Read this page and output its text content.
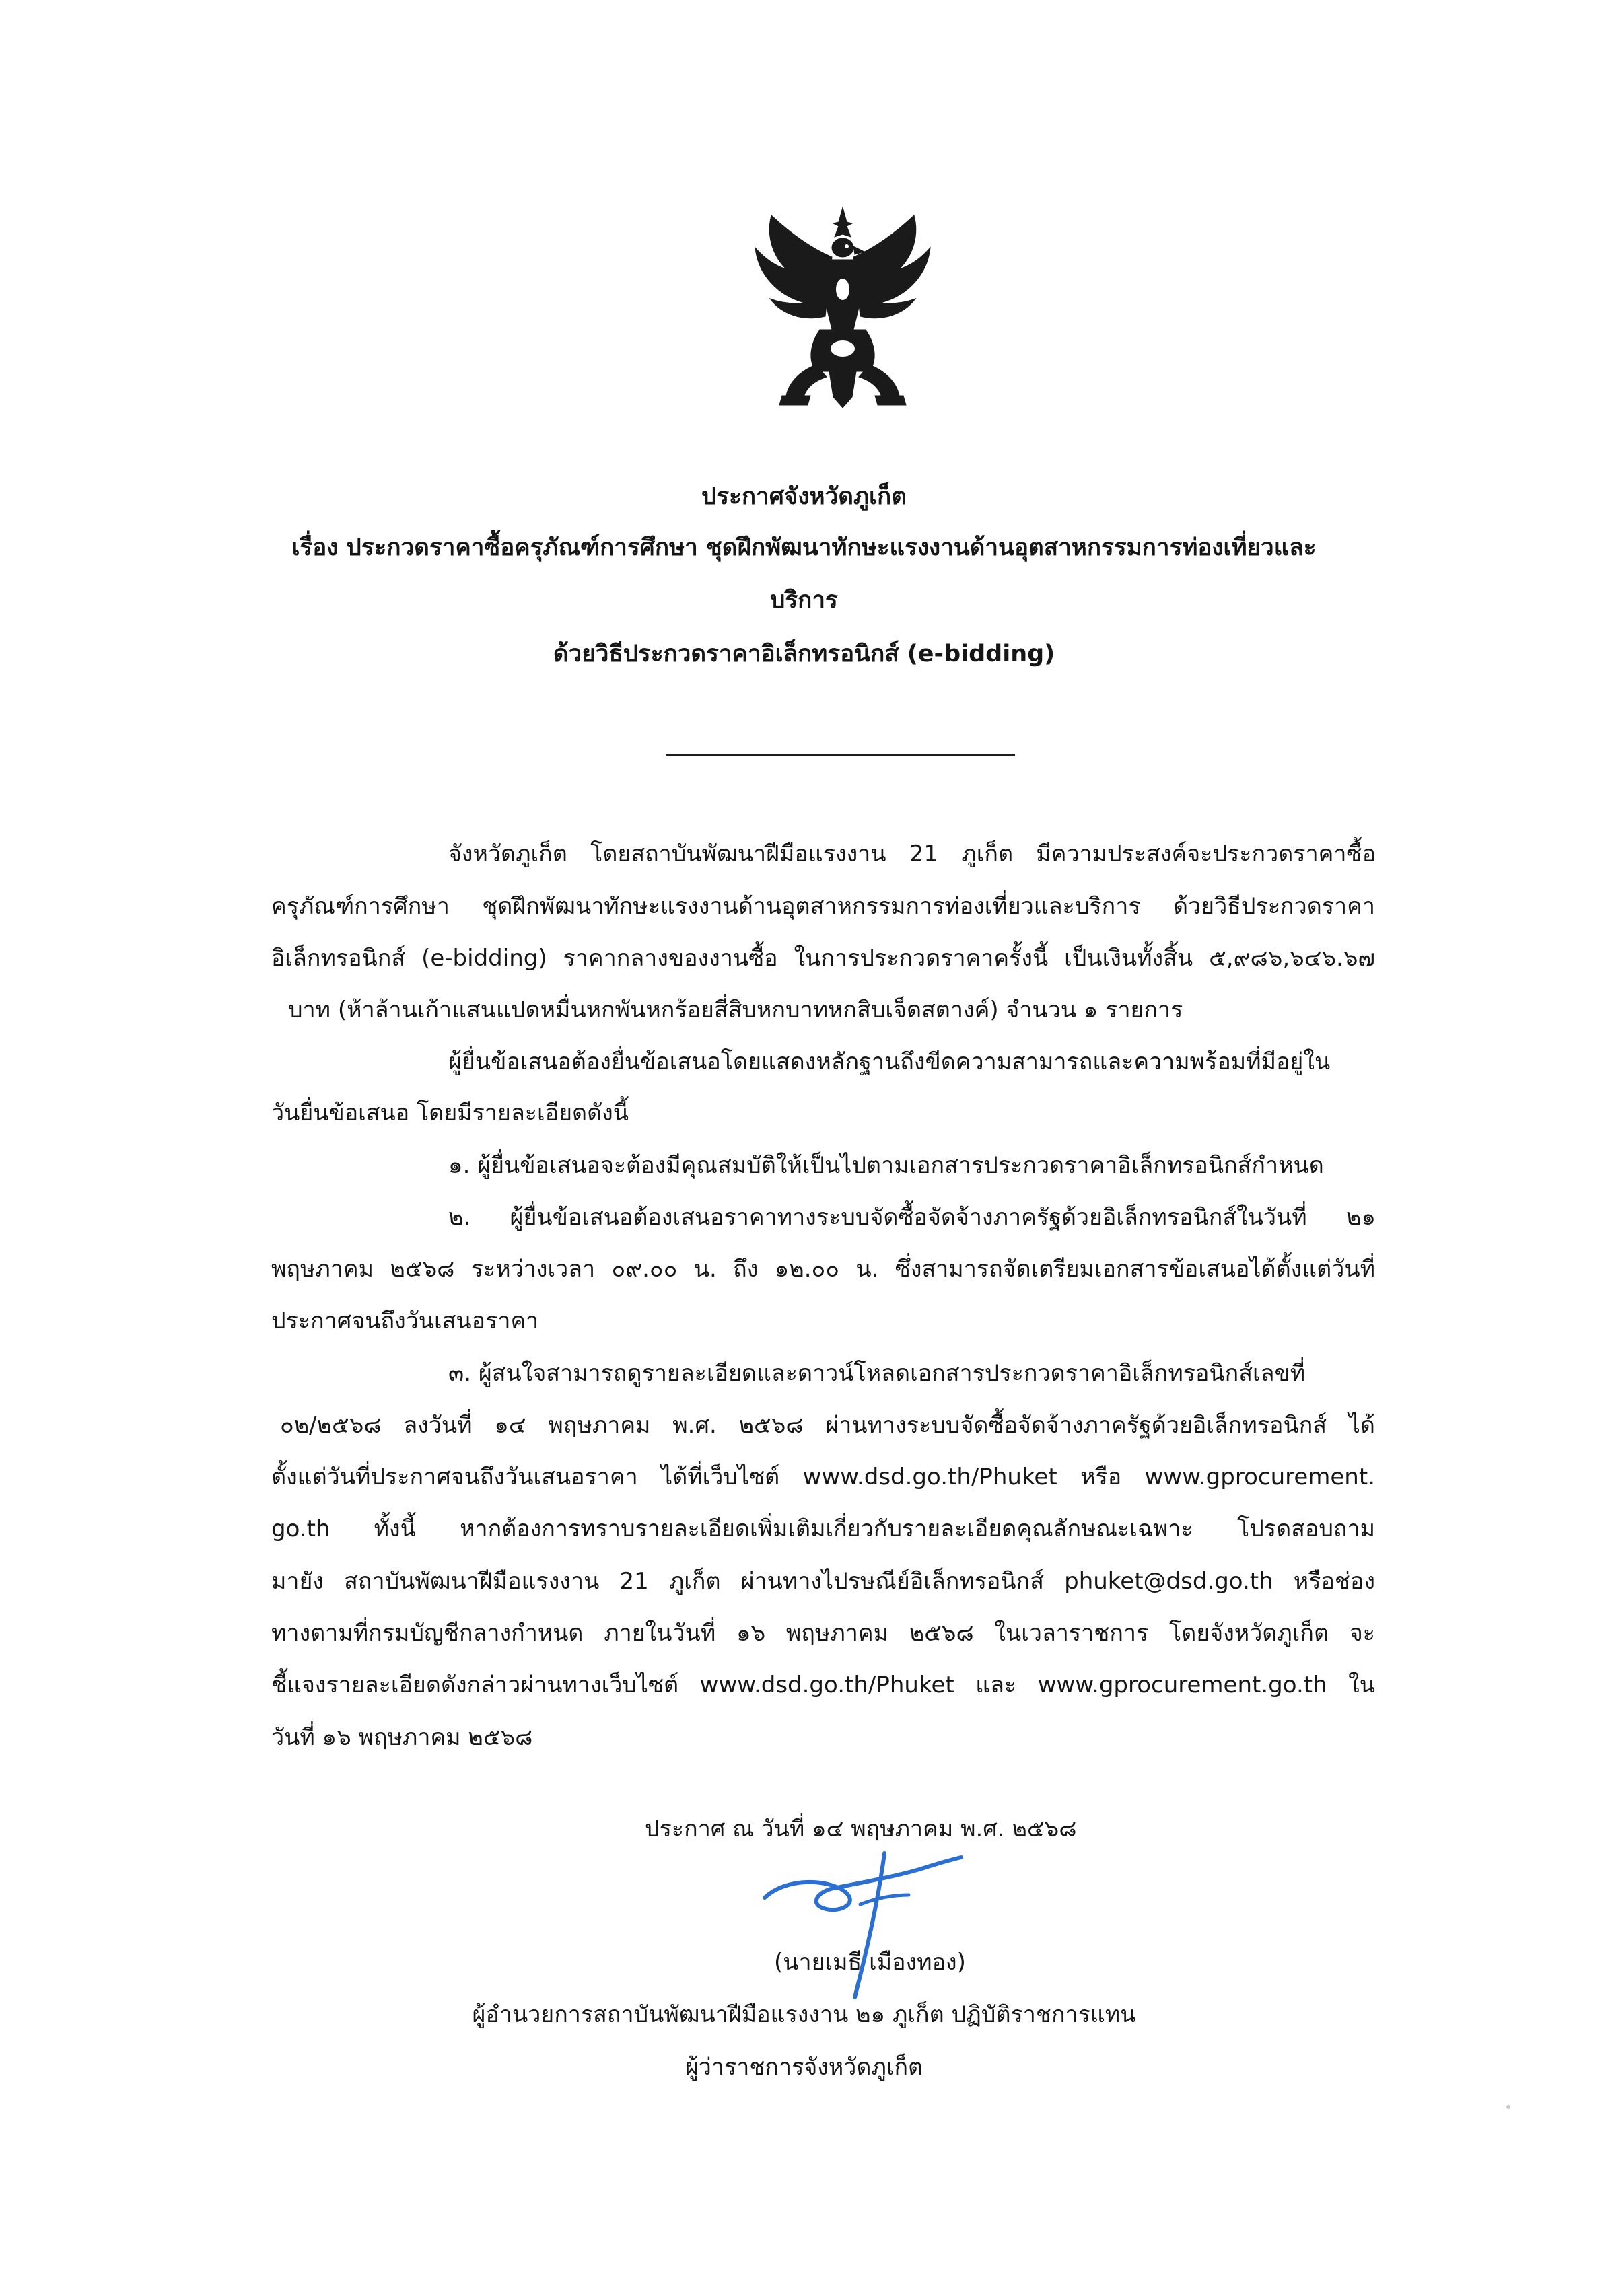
ประกาศจังหวัดภูเก็ต
เรื่อง ประกวดราคาซื้อครุภัณฑ์การศึกษา ชุดฝึกพัฒนาทักษะแรงงานด้านอุตสาหกรรมการท่องเที่ยวและ
บริการ
ด้วยวิธีประกวดราคาอิเล็กทรอนิกส์ (e-bidding)
จังหวัดภูเก็ต โดยสถาบันพัฒนาฝีมือแรงงาน 21 ภูเก็ต มีความประสงค์จะประกวดราคาซื้อ
ครุภัณฑ์การศึกษา ชุดฝึกพัฒนาทักษะแรงงานด้านอุตสาหกรรมการท่องเที่ยวและบริการ ด้วยวิธีประกวดราคา
อิเล็กทรอนิกส์ (e-bidding) ราคากลางของงานซื้อ ในการประกวดราคาครั้งนี้ เป็นเงินทั้งสิ้น ๕,๙๘๖,๖๔๖.๖๗
บาท (ห้าล้านเก้าแสนแปดหมื่นหกพันหกร้อยสี่สิบหกบาทหกสิบเจ็ดสตางค์) จำนวน ๑ รายการ
ผู้ยื่นข้อเสนอต้องยื่นข้อเสนอโดยแสดงหลักฐานถึงขีดความสามารถและความพร้อมที่มีอยู่ใน
วันยื่นข้อเสนอ โดยมีรายละเอียดดังนี้
๑. ผู้ยื่นข้อเสนอจะต้องมีคุณสมบัติให้เป็นไปตามเอกสารประกวดราคาอิเล็กทรอนิกส์กำหนด
๒. ผู้ยื่นข้อเสนอต้องเสนอราคาทางระบบจัดซื้อจัดจ้างภาครัฐด้วยอิเล็กทรอนิกส์ในวันที่ ๒๑
พฤษภาคม ๒๕๖๘ ระหว่างเวลา ๐๙.๐๐ น. ถึง ๑๒.๐๐ น. ซึ่งสามารถจัดเตรียมเอกสารข้อเสนอได้ตั้งแต่วันที่
ประกาศจนถึงวันเสนอราคา
๓. ผู้สนใจสามารถดูรายละเอียดและดาวน์โหลดเอกสารประกวดราคาอิเล็กทรอนิกส์เลขที่
๐๒/๒๕๖๘ ลงวันที่ ๑๔ พฤษภาคม พ.ศ. ๒๕๖๘ ผ่านทางระบบจัดซื้อจัดจ้างภาครัฐด้วยอิเล็กทรอนิกส์ ได้
ตั้งแต่วันที่ประกาศจนถึงวันเสนอราคา ได้ที่เว็บไซต์ www.dsd.go.th/Phuket หรือ www.gprocurement.
go.th ทั้งนี้ หากต้องการทราบรายละเอียดเพิ่มเติมเกี่ยวกับรายละเอียดคุณลักษณะเฉพาะ โปรดสอบถาม
มายัง สถาบันพัฒนาฝีมือแรงงาน 21 ภูเก็ต ผ่านทางไปรษณีย์อิเล็กทรอนิกส์ phuket@dsd.go.th หรือช่อง
ทางตามที่กรมบัญชีกลางกำหนด ภายในวันที่ ๑๖ พฤษภาคม ๒๕๖๘ ในเวลาราชการ โดยจังหวัดภูเก็ต จะ
ชี้แจงรายละเอียดดังกล่าวผ่านทางเว็บไซต์ www.dsd.go.th/Phuket และ www.gprocurement.go.th ใน
วันที่ ๑๖ พฤษภาคม ๒๕๖๘
ประกาศ ณ วันที่ ๑๔ พฤษภาคม พ.ศ. ๒๕๖๘
(นายเมธี เมืองทอง)
ผู้อำนวยการสถาบันพัฒนาฝีมือแรงงาน ๒๑ ภูเก็ต ปฏิบัติราชการแทน
ผู้ว่าราชการจังหวัดภูเก็ต
